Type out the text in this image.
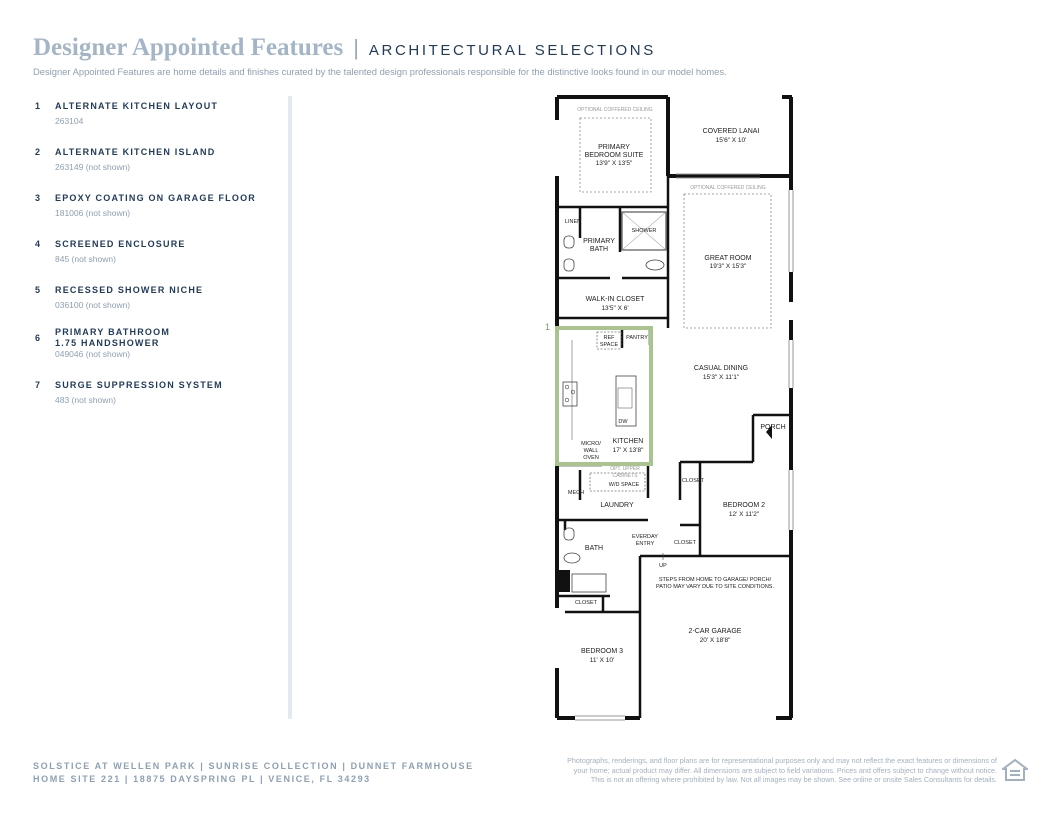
Designer Appointed Features | ARCHITECTURAL SELECTIONS
Designer Appointed Features are home details and finishes curated by the talented design professionals responsible for the distinctive looks found in our model homes.
1 ALTERNATE KITCHEN LAYOUT
263104
2 ALTERNATE KITCHEN ISLAND
263149 (not shown)
3 EPOXY COATING ON GARAGE FLOOR
181006 (not shown)
4 SCREENED ENCLOSURE
845 (not shown)
5 RECESSED SHOWER NICHE
036100 (not shown)
6
PRIMARY BATHROOM 1.75 HANDSHOWER
049046 (not shown)
7 SURGE SUPPRESSION SYSTEM
483 (not shown)
1
OPTIONAL COFFERED CEILING
PRIMARY
BEDROOM SUITE
13'9" X 13'5"
COVERED LANAI
15'6" X 10'
OPTIONAL COFFERED CEILING
GREAT ROOM
19'3" X 15'3"
LINEN
SHOWER
PRIMARY
BATH
WALK-IN CLOSET
13'5" X 6'
REF
SPACE
PANTRY
CASUAL DINING
15'3" X 11'1"
DW
KITCHEN
17' X 13'8"
MICRO/
WALL
OVEN
PORCH
OPT. UPPER
CABINETS
W/D SPACE
MECH
LAUNDRY
CLOSET
BEDROOM 2
12' X 11'2"
BATH
EVERDAY
ENTRY	CLOSET
UP
STEPS FROM HOME TO GARAGE/ PORCH/
PATIO MAY VARY DUE TO SITE CONDITIONS.
CLOSET
2-CAR GARAGE
20' X 18'8"
BEDROOM 3
11' X 10'
SOLSTICE AT WELLEN PARK | SUNRISE COLLECTION | DUNNET FARMHOUSE
HOME SITE 221 | 18875 DAYSPRING PL | VENICE, FL 34293
Photographs, renderings, and floor plans are for representational purposes only and may not reflect the exact features or dimensions of
your home; actual product may differ. All dimensions are subject to field variations. Prices and offers subject to change without notice.
This is not an offering where prohibited by law. Not all images may be shown. See online or onsite Sales Consultants for details.
